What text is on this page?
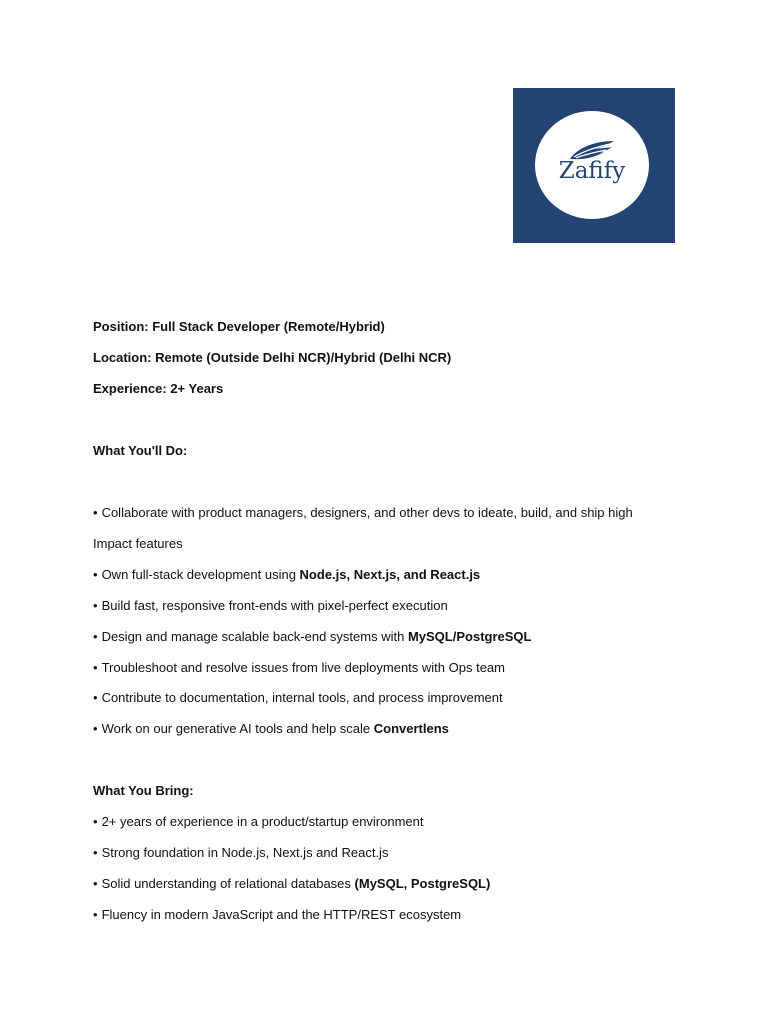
Zafify

Position: Full Stack Developer (Remote/Hybrid)

Location: Remote (Outside Delhi NCR)/Hybrid (Delhi NCR)

Experience: 2+ Years

What You'll Do:

• Collaborate with product managers, designers, and other devs to ideate, build, and ship high

Impact features

• Own full-stack development using Node.js, Next.js, and React.js

• Build fast, responsive front-ends with pixel-perfect execution

• Design and manage scalable back-end systems with MySQL/PostgreSQL

• Troubleshoot and resolve issues from live deployments with Ops team

• Contribute to documentation, internal tools, and process improvement

• Work on our generative AI tools and help scale Convertlens

What You Bring:

• 2+ years of experience in a product/startup environment

• Strong foundation in Node.js, Next.js and React.js

• Solid understanding of relational databases (MySQL, PostgreSQL)

• Fluency in modern JavaScript and the HTTP/REST ecosystem
